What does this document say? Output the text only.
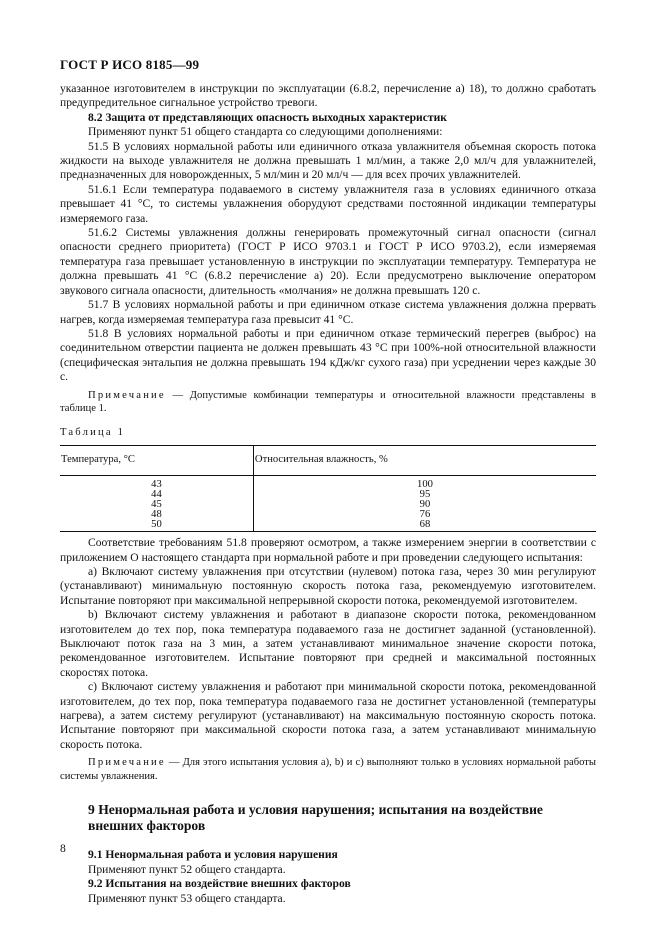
ГОСТ Р ИСО 8185—99

указанное изготовителем в инструкции по эксплуатации (6.8.2, перечисление а) 18), то должно сработать предупредительное сигнальное устройство тревоги.

8.2 Защита от представляющих опасность выходных характеристик

Применяют пункт 51 общего стандарта со следующими дополнениями:

51.5 В условиях нормальной работы или единичного отказа увлажнителя объемная скорость потока жидкости на выходе увлажнителя не должна превышать 1 мл/мин, а также 2,0 мл/ч для увлажнителей, предназначенных для новорожденных, 5 мл/мин и 20 мл/ч — для всех прочих увлажнителей.

51.6.1 Если температура подаваемого в систему увлажнителя газа в условиях единичного отказа превышает 41 °С, то системы увлажнения оборудуют средствами постоянной индикации температуры измеряемого газа.

51.6.2 Системы увлажнения должны генерировать промежуточный сигнал опасности (сигнал опасности среднего приоритета) (ГОСТ Р ИСО 9703.1 и ГОСТ Р ИСО 9703.2), если измеряемая температура газа превышает установленную в инструкции по эксплуатации температуру. Температура не должна превышать 41 °С (6.8.2 перечисление а) 20). Если предусмотрено выключение оператором звукового сигнала опасности, длительность «молчания» не должна превышать 120 с.

51.7 В условиях нормальной работы и при единичном отказе система увлажнения должна прервать нагрев, когда измеряемая температура газа превысит 41 °С.

51.8 В условиях нормальной работы и при единичном отказе термический перегрев (выброс) на соединительном отверстии пациента не должен превышать 43 °С при 100%-ной относительной влажности (специфическая энтальпия не должна превышать 194 кДж/кг сухого газа) при усреднении через каждые 30 с.

Примечание — Допустимые комбинации температуры и относительной влажности представлены в таблице 1.

Таблица 1

Температура, °С	Относительная влажность, %
43	100
44	95
45	90
48	76
50	68

Соответствие требованиям 51.8 проверяют осмотром, а также измерением энергии в соответствии с приложением О настоящего стандарта при нормальной работе и при проведении следующего испытания:

a) Включают систему увлажнения при отсутствии (нулевом) потока газа, через 30 мин регулируют (устанавливают) минимальную постоянную скорость потока газа, рекомендуемую изготовителем. Испытание повторяют при максимальной непрерывной скорости потока, рекомендуемой изготовителем.

b) Включают систему увлажнения и работают в диапазоне скорости потока, рекомендованном изготовителем до тех пор, пока температура подаваемого газа не достигнет заданной (установленной). Выключают поток газа на 3 мин, а затем устанавливают минимальное значение скорости потока, рекомендованное изготовителем. Испытание повторяют при средней и максимальной постоянных скоростях потока.

c) Включают систему увлажнения и работают при минимальной скорости потока, рекомендованной изготовителем, до тех пор, пока температура подаваемого газа не достигнет установленной (температуры нагрева), а затем систему регулируют (устанавливают) на максимальную постоянную скорость потока. Испытание повторяют при максимальной скорости потока газа, а затем устанавливают минимальную скорость потока.

Примечание — Для этого испытания условия a), b) и c) выполняют только в условиях нормальной работы системы увлажнения.

9 Ненормальная работа и условия нарушения; испытания на воздействие внешних факторов

9.1 Ненормальная работа и условия нарушения

Применяют пункт 52 общего стандарта.

9.2 Испытания на воздействие внешних факторов

Применяют пункт 53 общего стандарта.

8
